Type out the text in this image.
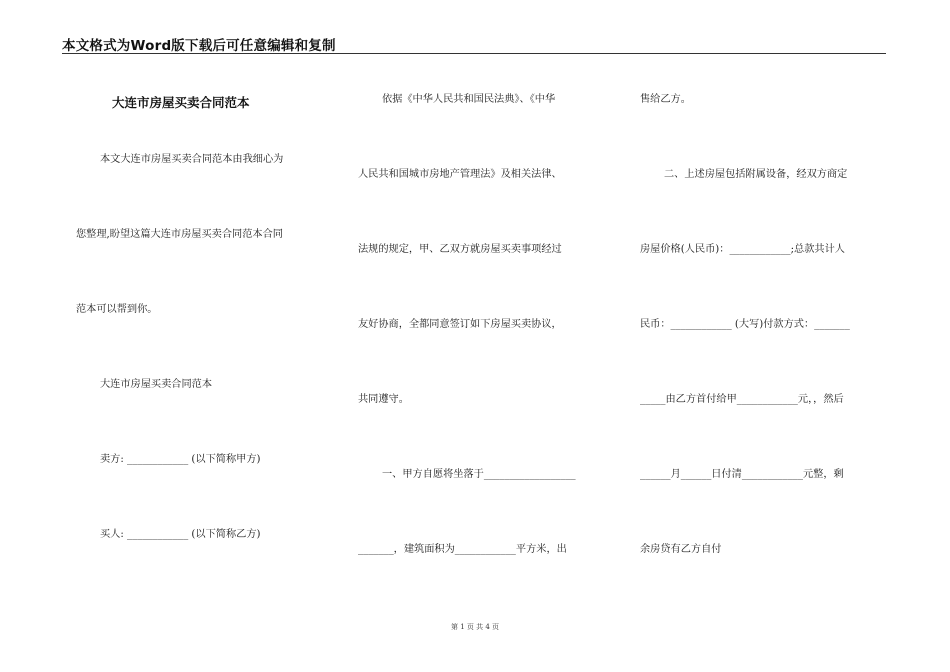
本文格式为Word版下载后可任意编辑和复制
大连市房屋买卖合同范本
本文大连市房屋买卖合同范本由我细心为
您整理,盼望这篇大连市房屋买卖合同范本合同
范本可以帮到你。
大连市房屋买卖合同范本
卖方: ____________ (以下简称甲方)
买人: ____________ (以下简称乙方)
依据《中华人民共和国民法典》、《中华
人民共和国城市房地产管理法》及相关法律、
法规的规定，甲、乙双方就房屋买卖事项经过
友好协商，全都同意签订如下房屋买卖协议，
共同遵守。
一、甲方自愿将坐落于__________________
_______，建筑面积为____________平方米，出
售给乙方。
二、上述房屋包括附属设备，经双方商定
房屋价格(人民币)：____________;总款共计人
民币：____________ (大写)付款方式：_______
_____由乙方首付给甲____________元，，然后
______月______日付清____________元整，剩
余房贷有乙方自付
第 1 页 共 4 页
